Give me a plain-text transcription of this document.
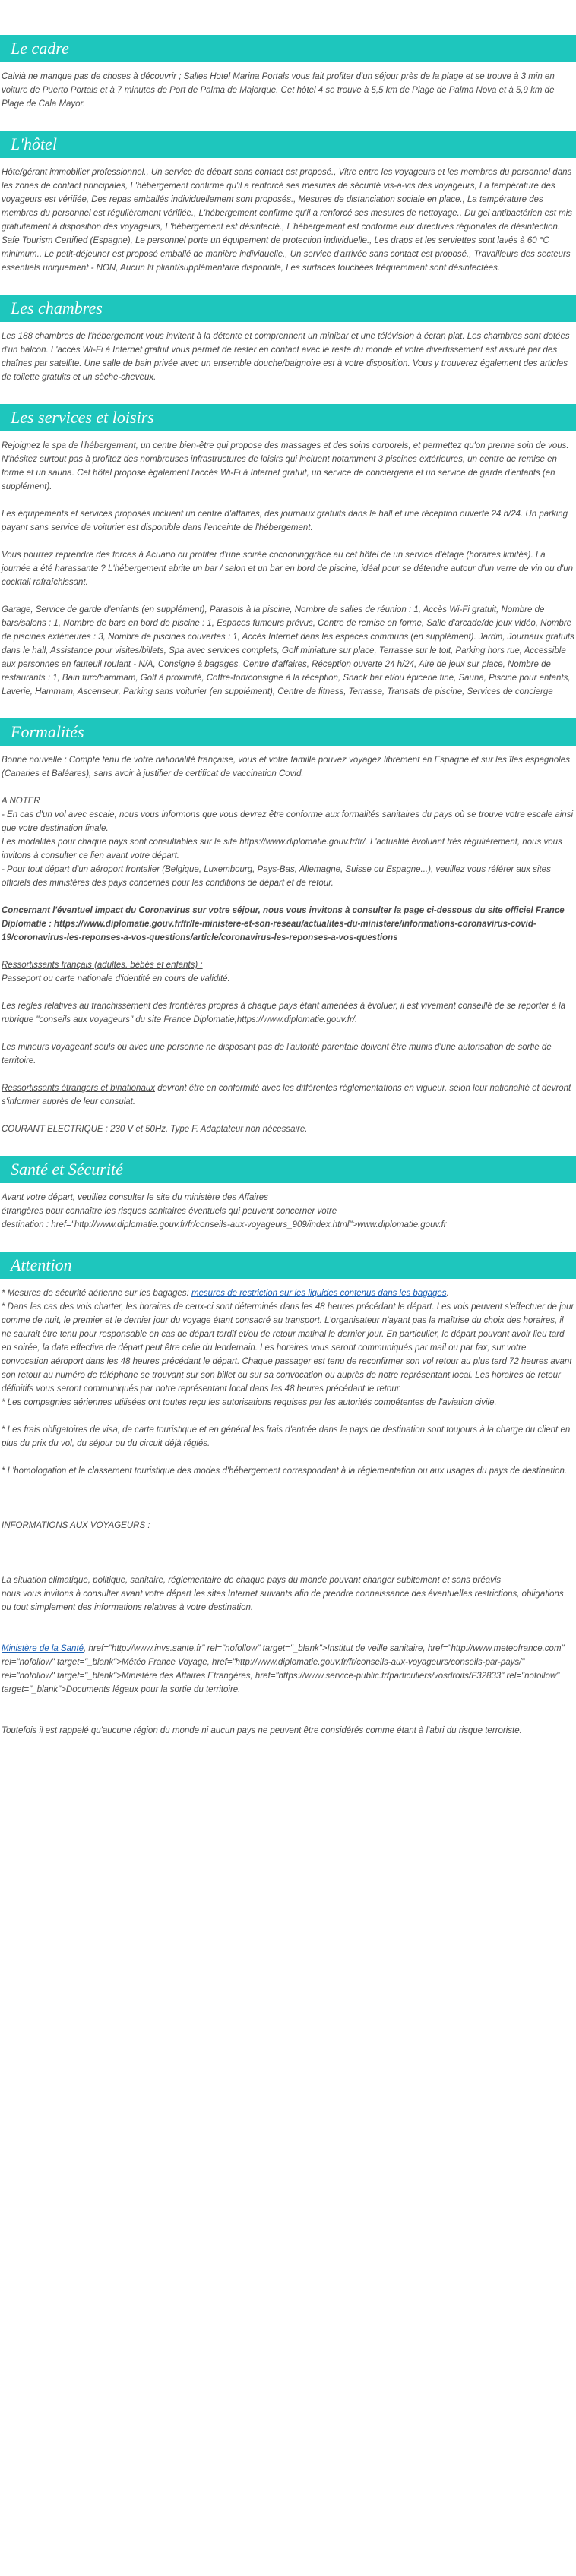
Le cadre

Calvià ne manque pas de choses à découvrir ; Salles Hotel Marina Portals vous fait profiter d'un séjour près de la plage et se trouve à 3 min en voiture de Puerto Portals et à 7 minutes de Port de Palma de Majorque. Cet hôtel 4 se trouve à 5,5 km de Plage de Palma Nova et à 5,9 km de Plage de Cala Mayor.

L'hôtel

Hôte/gérant immobilier professionnel., Un service de départ sans contact est proposé., Vitre entre les voyageurs et les membres du personnel dans les zones de contact principales, L'hébergement confirme qu'il a renforcé ses mesures de sécurité vis-à-vis des voyageurs, La température des voyageurs est vérifiée, Des repas emballés individuellement sont proposés., Mesures de distanciation sociale en place., La température des membres du personnel est régulièrement vérifiée., L'hébergement confirme qu'il a renforcé ses mesures de nettoyage., Du gel antibactérien est mis gratuitement à disposition des voyageurs, L'hébergement est désinfecté., L'hébergement est conforme aux directives régionales de désinfection. Safe Tourism Certified (Espagne), Le personnel porte un équipement de protection individuelle., Les draps et les serviettes sont lavés à 60 °C minimum., Le petit-déjeuner est proposé emballé de manière individuelle., Un service d'arrivée sans contact est proposé., Travailleurs des secteurs essentiels uniquement - NON, Aucun lit pliant/supplémentaire disponible, Les surfaces touchées fréquemment sont désinfectées.

Les chambres

Les 188 chambres de l'hébergement vous invitent à la détente et comprennent un minibar et une télévision à écran plat. Les chambres sont dotées d'un balcon. L'accès Wi-Fi à Internet gratuit vous permet de rester en contact avec le reste du monde et votre divertissement est assuré par des chaînes par satellite. Une salle de bain privée avec un ensemble douche/baignoire est à votre disposition. Vous y trouverez également des articles de toilette gratuits et un sèche-cheveux.

Les services et loisirs

Rejoignez le spa de l'hébergement, un centre bien-être qui propose des massages et des soins corporels, et permettez qu'on prenne soin de vous. N'hésitez surtout pas à profitez des nombreuses infrastructures de loisirs qui incluent notamment 3 piscines extérieures, un centre de remise en forme et un sauna. Cet hôtel propose également l'accès Wi-Fi à Internet gratuit, un service de conciergerie et un service de garde d'enfants (en supplément).

Les équipements et services proposés incluent un centre d'affaires, des journaux gratuits dans le hall et une réception ouverte 24 h/24. Un parking payant sans service de voiturier est disponible dans l'enceinte de l'hébergement.

Vous pourrez reprendre des forces à Acuario ou profiter d'une soirée cocooninggrâce au cet hôtel de un service d'étage (horaires limités). La journée a été harassante ? L'hébergement abrite un bar / salon et un bar en bord de piscine, idéal pour se détendre autour d'un verre de vin ou d'un cocktail rafraîchissant.

Garage, Service de garde d'enfants (en supplément), Parasols à la piscine, Nombre de salles de réunion : 1, Accès Wi-Fi gratuit, Nombre de bars/salons : 1, Nombre de bars en bord de piscine : 1, Espaces fumeurs prévus, Centre de remise en forme, Salle d'arcade/de jeux vidéo, Nombre de piscines extérieures : 3, Nombre de piscines couvertes : 1, Accès Internet dans les espaces communs (en supplément). Jardin, Journaux gratuits dans le hall, Assistance pour visites/billets, Spa avec services complets, Golf miniature sur place, Terrasse sur le toit, Parking hors rue, Accessible aux personnes en fauteuil roulant - N/A, Consigne à bagages, Centre d'affaires, Réception ouverte 24 h/24, Aire de jeux sur place, Nombre de restaurants : 1, Bain turc/hammam, Golf à proximité, Coffre-fort/consigne à la réception, Snack bar et/ou épicerie fine, Sauna, Piscine pour enfants, Laverie, Hammam, Ascenseur, Parking sans voiturier (en supplément), Centre de fitness, Terrasse, Transats de piscine, Services de concierge

Formalités

Bonne nouvelle : Compte tenu de votre nationalité française, vous et votre famille pouvez voyagez librement en Espagne et sur les îles espagnoles (Canaries et Baléares), sans avoir à justifier de certificat de vaccination Covid.

A NOTER

- En cas d'un vol avec escale, nous vous informons que vous devrez être conforme aux formalités sanitaires du pays où se trouve votre escale ainsi que votre destination finale.

Les modalités pour chaque pays sont consultables sur le site https://www.diplomatie.gouv.fr/fr/. L'actualité évoluant très régulièrement, nous vous invitons à consulter ce lien avant votre départ.

- Pour tout départ d'un aéroport frontalier (Belgique, Luxembourg, Pays-Bas, Allemagne, Suisse ou Espagne...), veuillez vous référer aux sites officiels des ministères des pays concernés pour les conditions de départ et de retour.

Concernant l'éventuel impact du Coronavirus sur votre séjour, nous vous invitons à consulter la page ci-dessous du site officiel France Diplomatie : https://www.diplomatie.gouv.fr/fr/le-ministere-et-son-reseau/actualites-du-ministere/informations-coronavirus-covid-19/coronavirus-les-reponses-a-vos-questions/article/coronavirus-les-reponses-a-vos-questions

Ressortissants français (adultes, bébés et enfants) :

Passeport ou carte nationale d'identité en cours de validité.

Les règles relatives au franchissement des frontières propres à chaque pays étant amenées à évoluer, il est vivement conseillé de se reporter à la rubrique "conseils aux voyageurs" du site France Diplomatie,https://www.diplomatie.gouv.fr/.

Les mineurs voyageant seuls ou avec une personne ne disposant pas de l'autorité parentale doivent être munis d'une autorisation de sortie de territoire.

Ressortissants étrangers et binationaux devront être en conformité avec les différentes réglementations en vigueur, selon leur nationalité et devront s'informer auprès de leur consulat.

COURANT ELECTRIQUE : 230 V et 50Hz. Type F. Adaptateur non nécessaire.

Santé et Sécurité

Avant votre départ, veuillez consulter le site du ministère des Affaires

étrangères pour connaître les risques sanitaires éventuels qui peuvent concerner votre

destination : href="http://www.diplomatie.gouv.fr/fr/conseils-aux-voyageurs_909/index.html">www.diplomatie.gouv.fr

Attention

* Mesures de sécurité aérienne sur les bagages: mesures de restriction sur les liquides contenus dans les bagages.

* Dans les cas des vols charter, les horaires de ceux-ci sont déterminés dans les 48 heures précédant le départ. Les vols peuvent s'effectuer de jour comme de nuit, le premier et le dernier jour du voyage étant consacré au transport. L'organisateur n'ayant pas la maîtrise du choix des horaires, il ne saurait être tenu pour responsable en cas de départ tardif et/ou de retour matinal le dernier jour. En particulier, le départ pouvant avoir lieu tard en soirée, la date effective de départ peut être celle du lendemain. Les horaires vous seront communiqués par mail ou par fax, sur votre convocation aéroport dans les 48 heures précédant le départ. Chaque passager est tenu de reconfirmer son vol retour au plus tard 72 heures avant son retour au numéro de téléphone se trouvant sur son billet ou sur sa convocation ou auprès de notre représentant local. Les horaires de retour définitifs vous seront communiqués par notre représentant local dans les 48 heures précédant le retour.

* Les compagnies aériennes utilisées ont toutes reçu les autorisations requises par les autorités compétentes de l'aviation civile.

* Les frais obligatoires de visa, de carte touristique et en général les frais d'entrée dans le pays de destination sont toujours à la charge du client en plus du prix du vol, du séjour ou du circuit déjà réglés.

* L'homologation et le classement touristique des modes d'hébergement correspondent à la réglementation ou aux usages du pays de destination.

INFORMATIONS AUX VOYAGEURS :

La situation climatique, politique, sanitaire, réglementaire de chaque pays du monde pouvant changer subitement et sans préavis

nous vous invitons à consulter avant votre départ les sites Internet suivants afin de prendre connaissance des éventuelles restrictions, obligations ou tout simplement des informations relatives à votre destination.

Ministère de la Santé, href="http://www.invs.sante.fr" rel="nofollow" target="_blank">Institut de veille sanitaire, href="http://www.meteofrance.com" rel="nofollow" target="_blank">Météo France Voyage, href="http://www.diplomatie.gouv.fr/fr/conseils-aux-voyageurs/conseils-par-pays/" rel="nofollow" target="_blank">Ministère des Affaires Etrangères, href="https://www.service-public.fr/particuliers/vosdroits/F32833" rel="nofollow" target="_blank">Documents légaux pour la sortie du territoire.

Toutefois il est rappelé qu'aucune région du monde ni aucun pays ne peuvent être considérés comme étant à l'abri du risque terroriste.
